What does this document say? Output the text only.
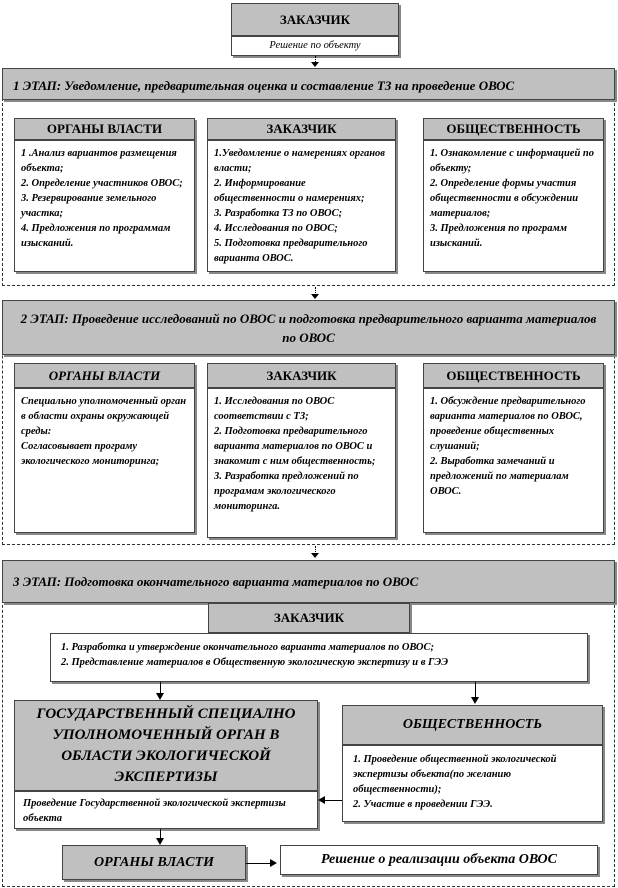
ЗАКАЗЧИК
Решение по объекту
1 ЭТАП: Уведомление, предварительная оценка и составление ТЗ на проведение ОВОС
ОРГАНЫ ВЛАСТИ
1 .Анализ вариантов размещения объекта;
2. Определение участников ОВОС;
3. Резервирование земельного участка;
4. Предложения по программам изысканий.
ЗАКАЗЧИК
1.Уведомление о намерениях органов власти;
2. Информирование общественности о намерениях;
3. Разработка ТЗ по ОВОС;
4. Исследования по ОВОС;
5. Подготовка предварительного варианта ОВОС.
ОБЩЕСТВЕННОСТЬ
1. Ознакомление с информацией по объекту;
2. Определение формы участия общественности в обсуждении материалов;
3. Предложения по программ изысканий.
2 ЭТАП: Проведение исследований по ОВОС и подготовка предварительного варианта материалов по ОВОС
ОРГАНЫ ВЛАСТИ
Специально уполномоченный орган в области охраны окружающей среды:
Согласовывает програму экологического мониторинга;
ЗАКАЗЧИК
1. Исследования по ОВОС соответствии с ТЗ;
2. Подготовка предварительного варианта материалов по ОВОС и знакомит с ним общественность;
3. Разработка предложений по програмам экологического мониторинга.
ОБЩЕСТВЕННОСТЬ
1. Обсуждение предварительного варианта материалов по ОВОС, проведение общественных слушаний;
2. Выработка замечаний и предложений по материалам ОВОС.
3 ЭТАП: Подготовка окончательного варианта материалов по ОВОС
ЗАКАЗЧИК
1. Разработка и утверждение окончательного варианта материалов по ОВОС;
2. Представление материалов в Общественную экологическую экспертизу и в ГЭЭ
ГОСУДАРСТВЕННЫЙ СПЕЦИАЛНО УПОЛНОМОЧЕННЫЙ ОРГАН В ОБЛАСТИ ЭКОЛОГИЧЕСКОЙ ЭКСПЕРТИЗЫ
Проведение Государственной экологической экспертизы объекта
ОБЩЕСТВЕННОСТЬ
1. Проведение общественной экологической экспертизы объекта(по желанию общественности);
2. Участие в проведении ГЭЭ.
ОРГАНЫ ВЛАСТИ	Решение о реализации объекта ОВОС
